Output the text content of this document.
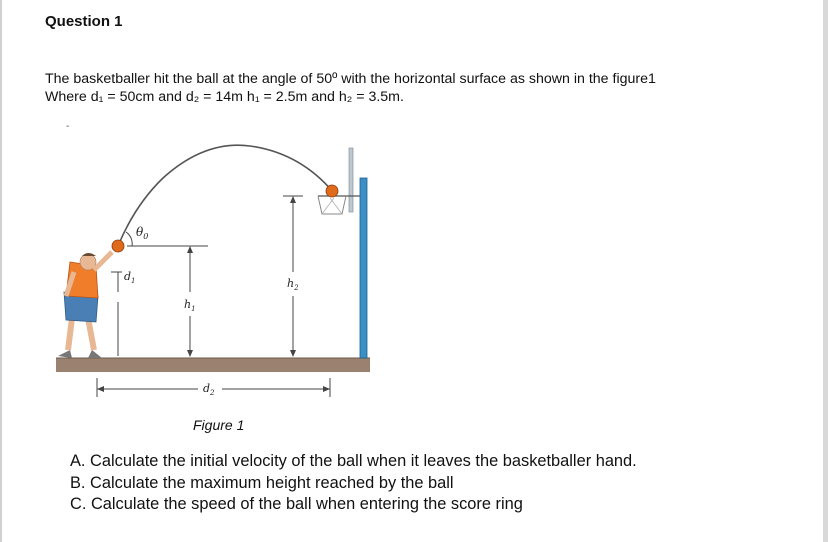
Question 1
The basketballer hit the ball at the angle of 50º with the horizontal surface as shown in the figure1
Where d₁ = 50cm and d₂ = 14m h₁ = 2.5m and h₂ = 3.5m.
-
$\theta_0$
$d_1$
$h_1$
$h_2$
$d_2$
Figure 1
A. Calculate the initial velocity of the ball when it leaves the basketballer hand.
B. Calculate the maximum height reached by the ball
C. Calculate the speed of the ball when entering the score ring
